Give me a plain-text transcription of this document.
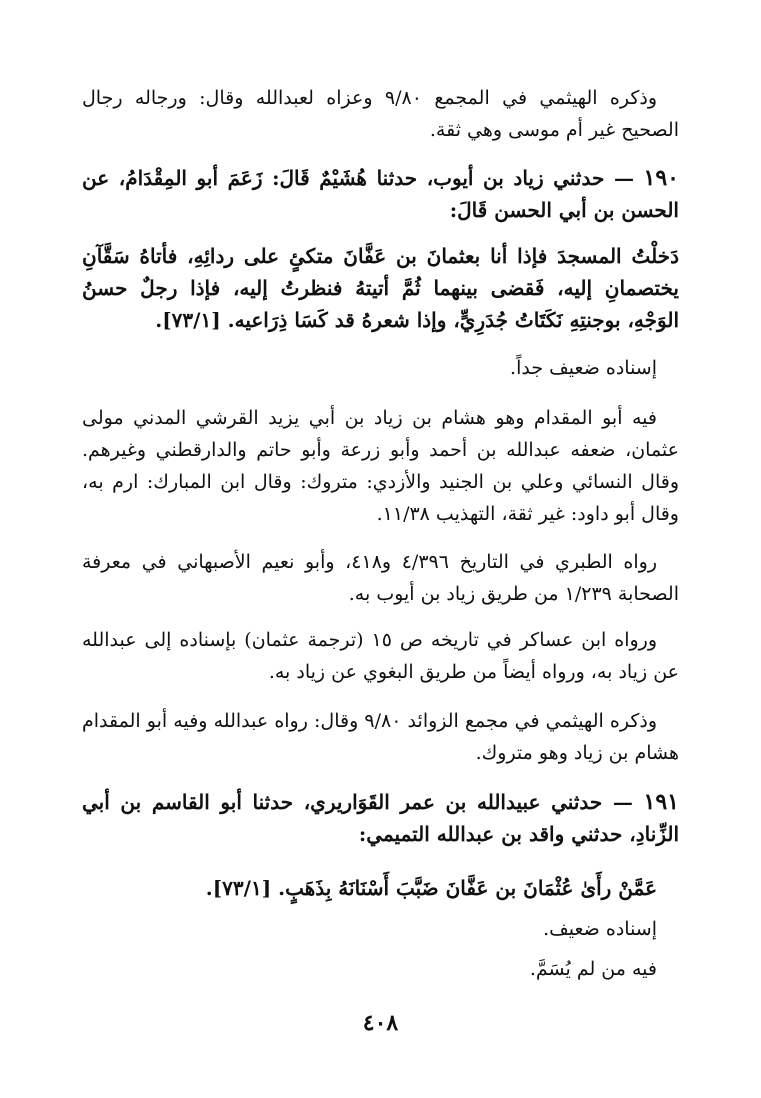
وذكره الهيثمي في المجمع ٩/٨٠ وعزاه لعبدالله وقال: ورجاله رجال الصحيح غير أم موسى وهي ثقة.

١٩٠ — حدثني زياد بن أيوب، حدثنا هُشَيْمٌ قَالَ: زَعَمَ أبو المِقْدَامُ، عن الحسن بن أبي الحسن قَالَ:

دَخلْتُ المسجدَ فإذا أنا بعثمانَ بن عَفَّانَ متكئٍ على ردائِهِ، فأتاهُ سَقَّآنِ يختصمانِ إليه، فَقضى بينهما ثُمَّ أتيتهُ فنظرتُ إليه، فإذا رجلٌ حسنُ الوَجْهِ، بوجنتِهِ نَكَتَاتُ جُدَرِيٍّ، وإذا شعرهُ قد كَسَا ذِرَاعيه. [٧٣/١].

إسناده ضعيف جداً.

فيه أبو المقدام وهو هشام بن زياد بن أبي يزيد القرشي المدني مولى عثمان، ضعفه عبدالله بن أحمد وأبو زرعة وأبو حاتم والدارقطني وغيرهم. وقال النسائي وعلي بن الجنيد والأزدي: متروك: وقال ابن المبارك: ارم به، وقال أبو داود: غير ثقة، التهذيب ١١/٣٨.

رواه الطبري في التاريخ ٤/٣٩٦ و٤١٨، وأبو نعيم الأصبهاني في معرفة الصحابة ١/٢٣٩ من طريق زياد بن أيوب به.

ورواه ابن عساكر في تاريخه ص ١٥ (ترجمة عثمان) بإسناده إلى عبدالله عن زياد به، ورواه أيضاً من طريق البغوي عن زياد به.

وذكره الهيثمي في مجمع الزوائد ٩/٨٠ وقال: رواه عبدالله وفيه أبو المقدام هشام بن زياد وهو متروك.

١٩١ — حدثني عبيدالله بن عمر القَوَاريري، حدثنا أبو القاسم بن أبي الزِّنادِ، حدثني واقد بن عبدالله التميمي:

عَمَّنْ رأَىٰ عُثْمَانَ بن عَفَّانَ ضَبَّبَ أَسْنَانَهُ بِذَهَبٍ. [٧٣/١].

إسناده ضعيف.

فيه من لم يُسَمَّ.

٤٠٨
